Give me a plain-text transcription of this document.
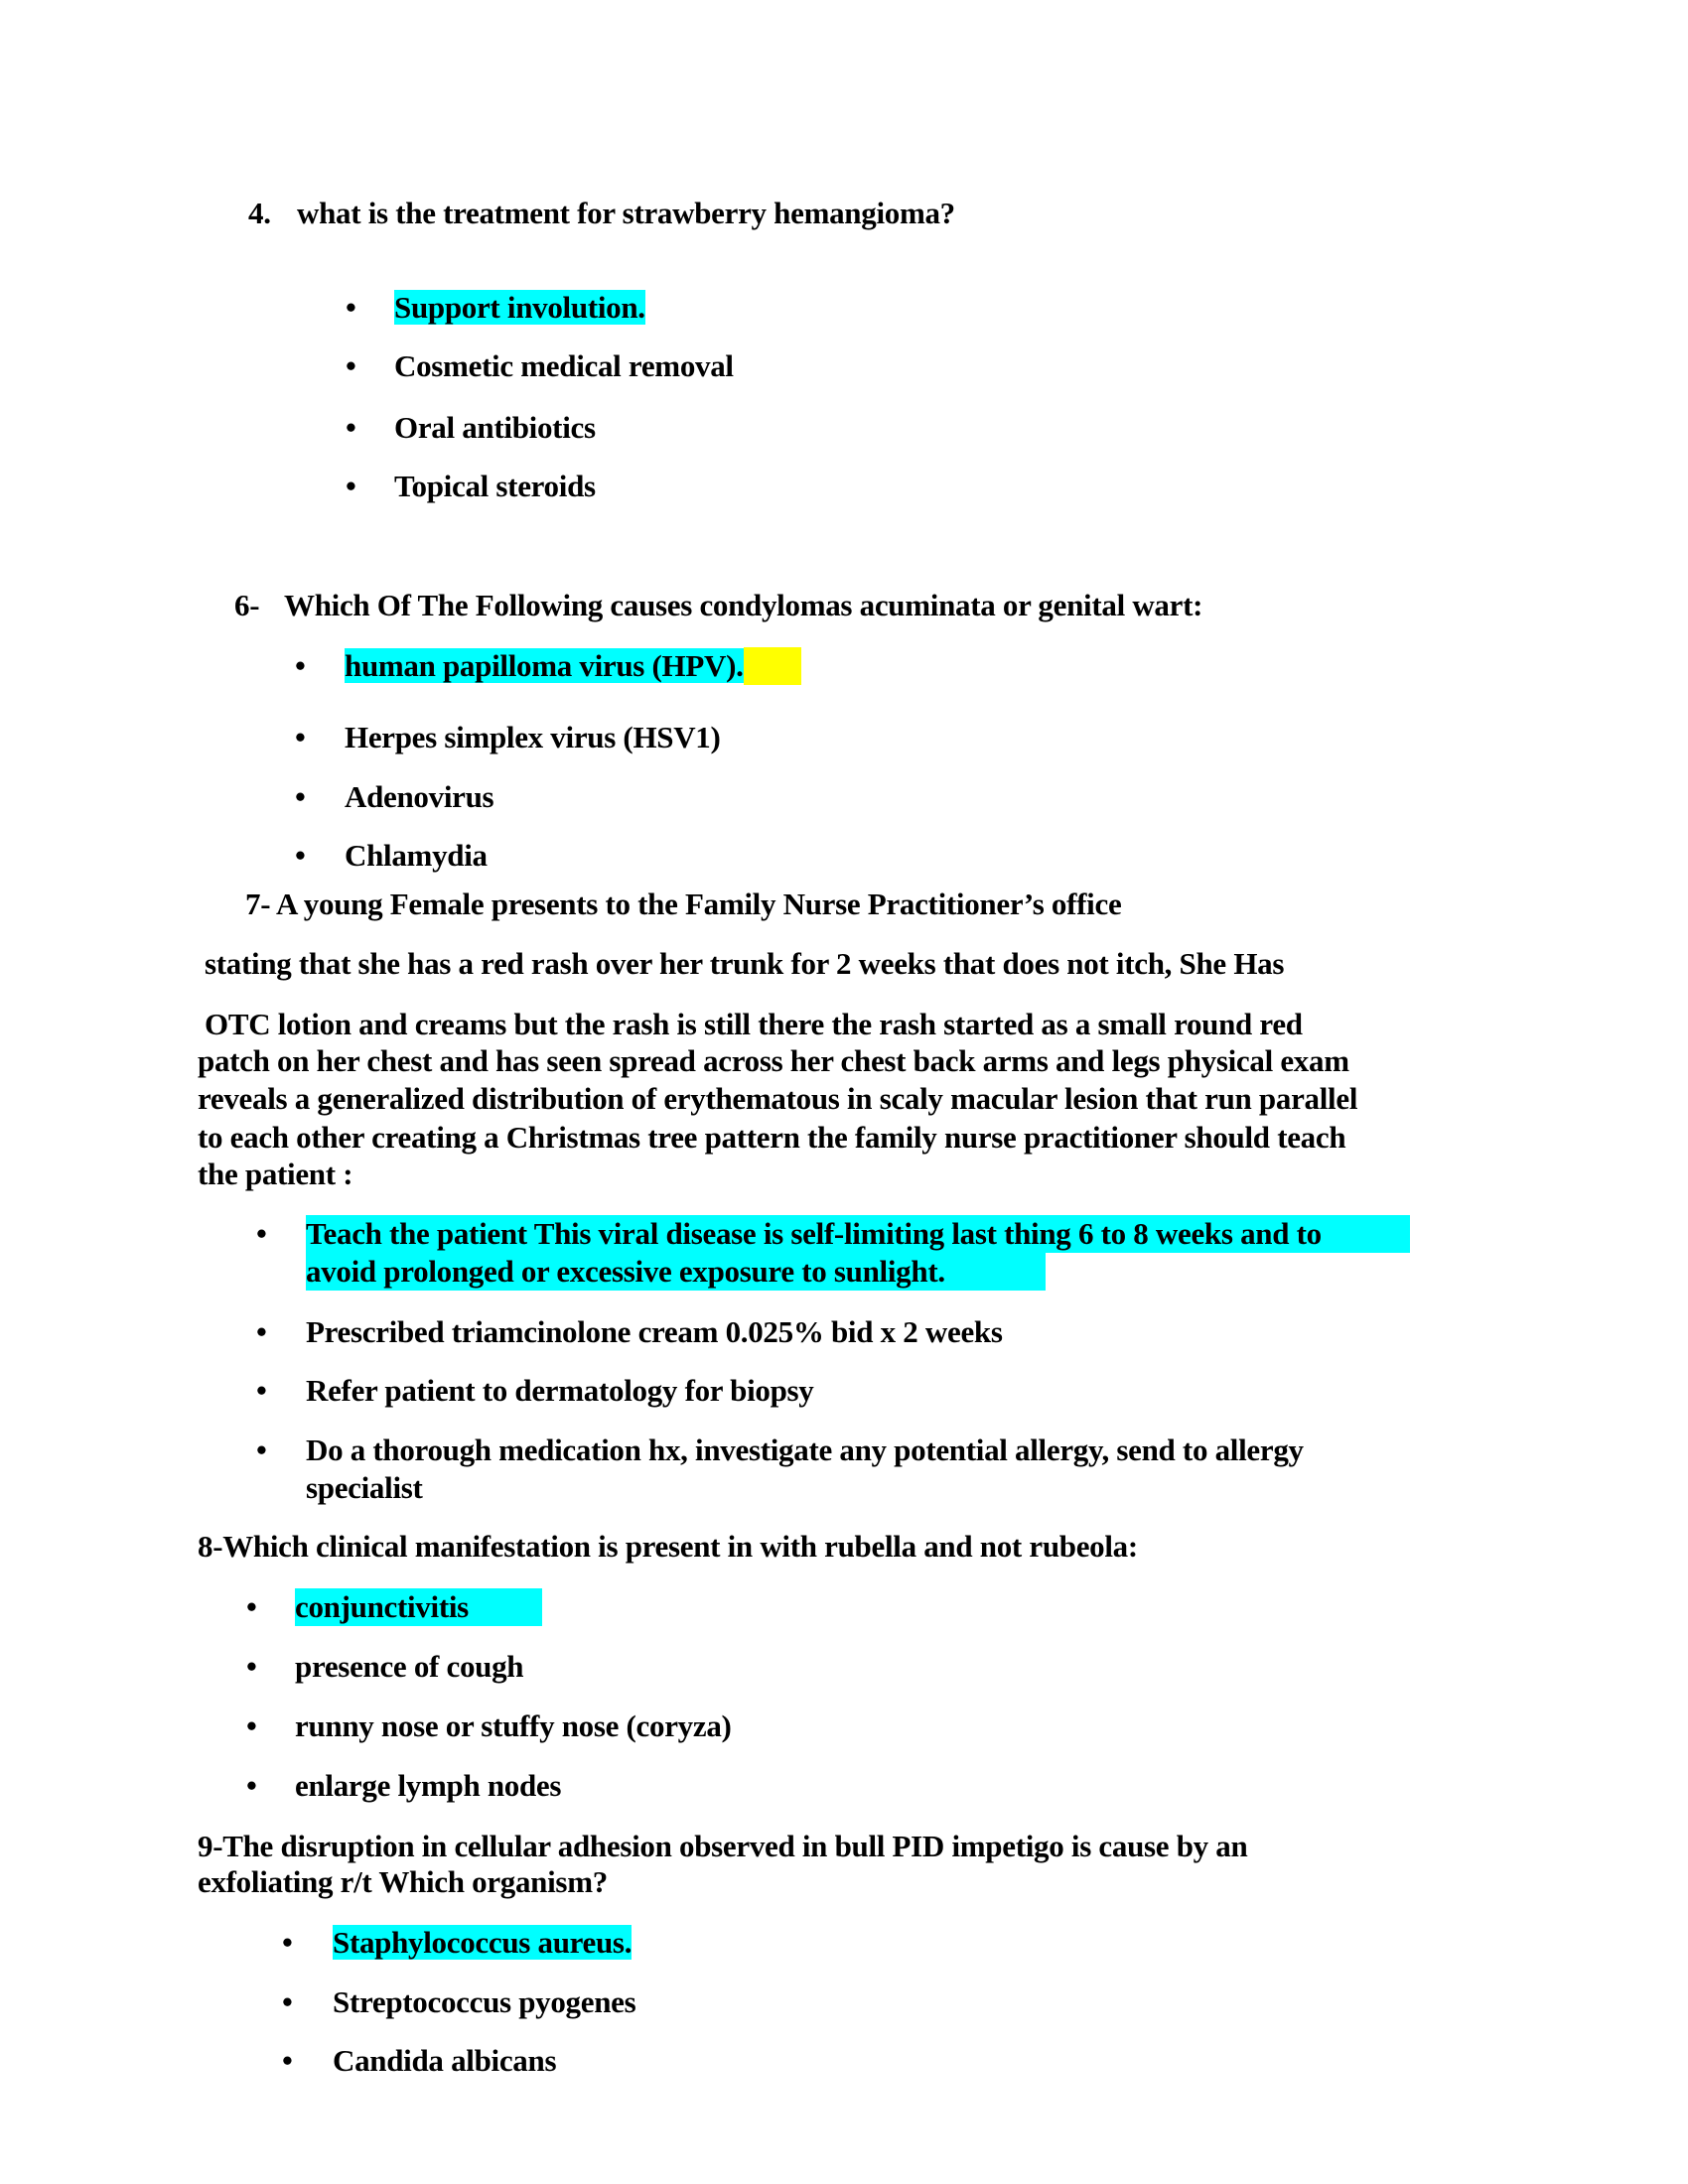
4. what is the treatment for strawberry hemangioma?
• Support involution.
• Cosmetic medical removal
• Oral antibiotics
• Topical steroids
6- Which Of The Following causes condylomas acuminata or genital wart:
• human papilloma virus (HPV).
• Herpes simplex virus (HSV1)
• Adenovirus
• Chlamydia
7- A young Female presents to the Family Nurse Practitioner’s office
stating that she has a red rash over her trunk for 2 weeks that does not itch, She Has
OTC lotion and creams but the rash is still there the rash started as a small round red
patch on her chest and has seen spread across her chest back arms and legs physical exam
reveals a generalized distribution of erythematous in scaly macular lesion that run parallel
to each other creating a Christmas tree pattern the family nurse practitioner should teach
the patient :
• Teach the patient This viral disease is self-limiting last thing 6 to 8 weeks and to
avoid prolonged or excessive exposure to sunlight.
• Prescribed triamcinolone cream 0.025% bid x 2 weeks
• Refer patient to dermatology for biopsy
• Do a thorough medication hx, investigate any potential allergy, send to allergy
specialist
8-Which clinical manifestation is present in with rubella and not rubeola:
• conjunctivitis
• presence of cough
• runny nose or stuffy nose (coryza)
• enlarge lymph nodes
9-The disruption in cellular adhesion observed in bull PID impetigo is cause by an
exfoliating r/t Which organism?
• Staphylococcus aureus.
• Streptococcus pyogenes
• Candida albicans
